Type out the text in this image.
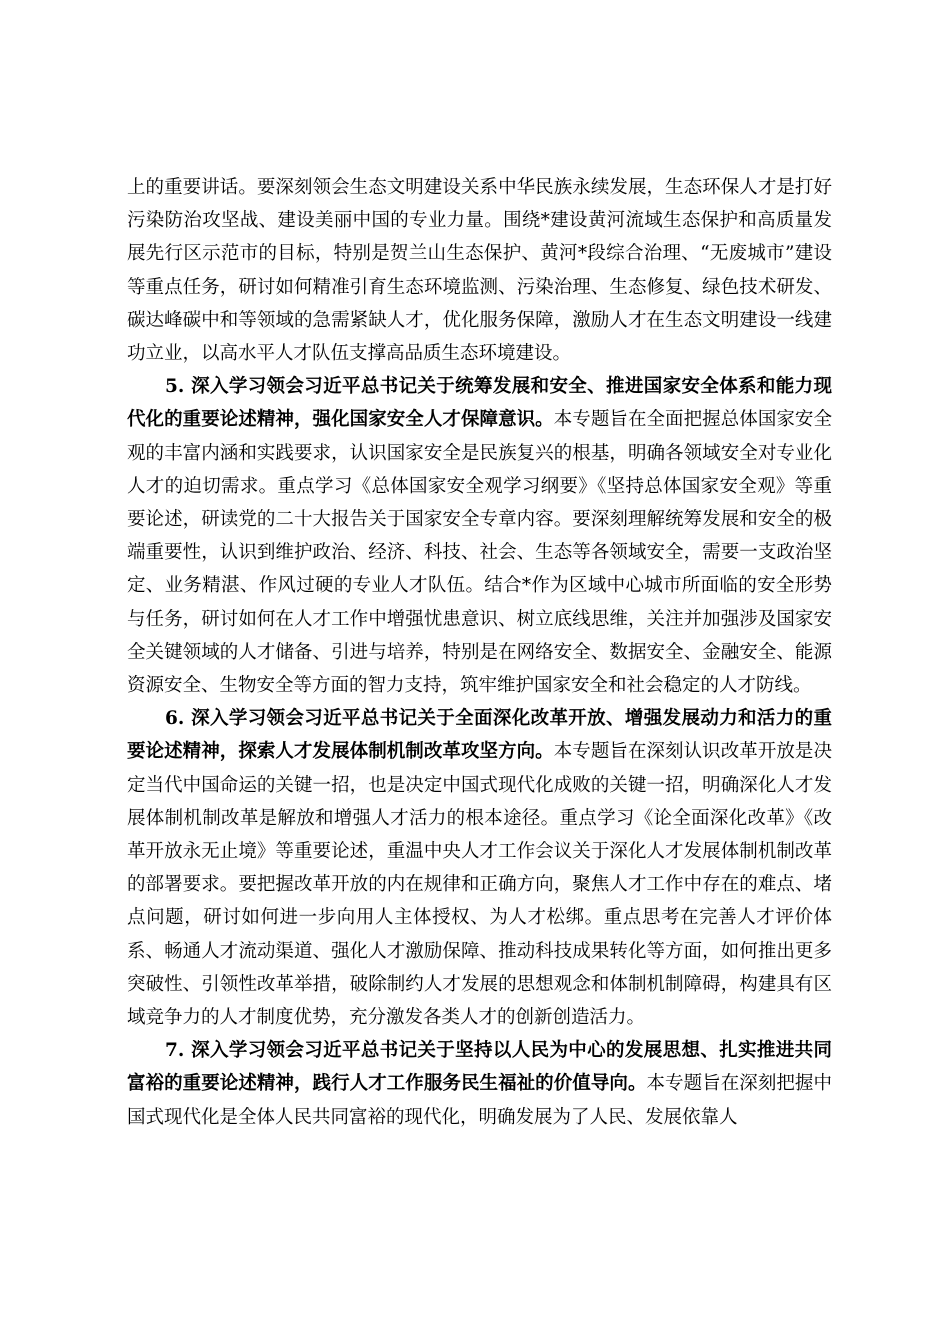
上的重要讲话。要深刻领会生态文明建设关系中华民族永续发展，生态环保人才是打好污染防治攻坚战、建设美丽中国的专业力量。围绕*建设黄河流域生态保护和高质量发展先行区示范市的目标，特别是贺兰山生态保护、黄河*段综合治理、“无废城市”建设等重点任务，研讨如何精准引育生态环境监测、污染治理、生态修复、绿色技术研发、碳达峰碳中和等领域的急需紧缺人才，优化服务保障，激励人才在生态文明建设一线建功立业，以高水平人才队伍支撑高品质生态环境建设。

5. 深入学习领会习近平总书记关于统筹发展和安全、推进国家安全体系和能力现代化的重要论述精神，强化国家安全人才保障意识。本专题旨在全面把握总体国家安全观的丰富内涵和实践要求，认识国家安全是民族复兴的根基，明确各领域安全对专业化人才的迫切需求。重点学习《总体国家安全观学习纲要》《坚持总体国家安全观》等重要论述，研读党的二十大报告关于国家安全专章内容。要深刻理解统筹发展和安全的极端重要性，认识到维护政治、经济、科技、社会、生态等各领域安全，需要一支政治坚定、业务精湛、作风过硬的专业人才队伍。结合*作为区域中心城市所面临的安全形势与任务，研讨如何在人才工作中增强忧患意识、树立底线思维，关注并加强涉及国家安全关键领域的人才储备、引进与培养，特别是在网络安全、数据安全、金融安全、能源资源安全、生物安全等方面的智力支持，筑牢维护国家安全和社会稳定的人才防线。

6. 深入学习领会习近平总书记关于全面深化改革开放、增强发展动力和活力的重要论述精神，探索人才发展体制机制改革攻坚方向。本专题旨在深刻认识改革开放是决定当代中国命运的关键一招，也是决定中国式现代化成败的关键一招，明确深化人才发展体制机制改革是解放和增强人才活力的根本途径。重点学习《论全面深化改革》《改革开放永无止境》等重要论述，重温中央人才工作会议关于深化人才发展体制机制改革的部署要求。要把握改革开放的内在规律和正确方向，聚焦人才工作中存在的难点、堵点问题，研讨如何进一步向用人主体授权、为人才松绑。重点思考在完善人才评价体系、畅通人才流动渠道、强化人才激励保障、推动科技成果转化等方面，如何推出更多突破性、引领性改革举措，破除制约人才发展的思想观念和体制机制障碍，构建具有区域竞争力的人才制度优势，充分激发各类人才的创新创造活力。

7. 深入学习领会习近平总书记关于坚持以人民为中心的发展思想、扎实推进共同富裕的重要论述精神，践行人才工作服务民生福祉的价值导向。本专题旨在深刻把握中国式现代化是全体人民共同富裕的现代化，明确发展为了人民、发展依靠人
